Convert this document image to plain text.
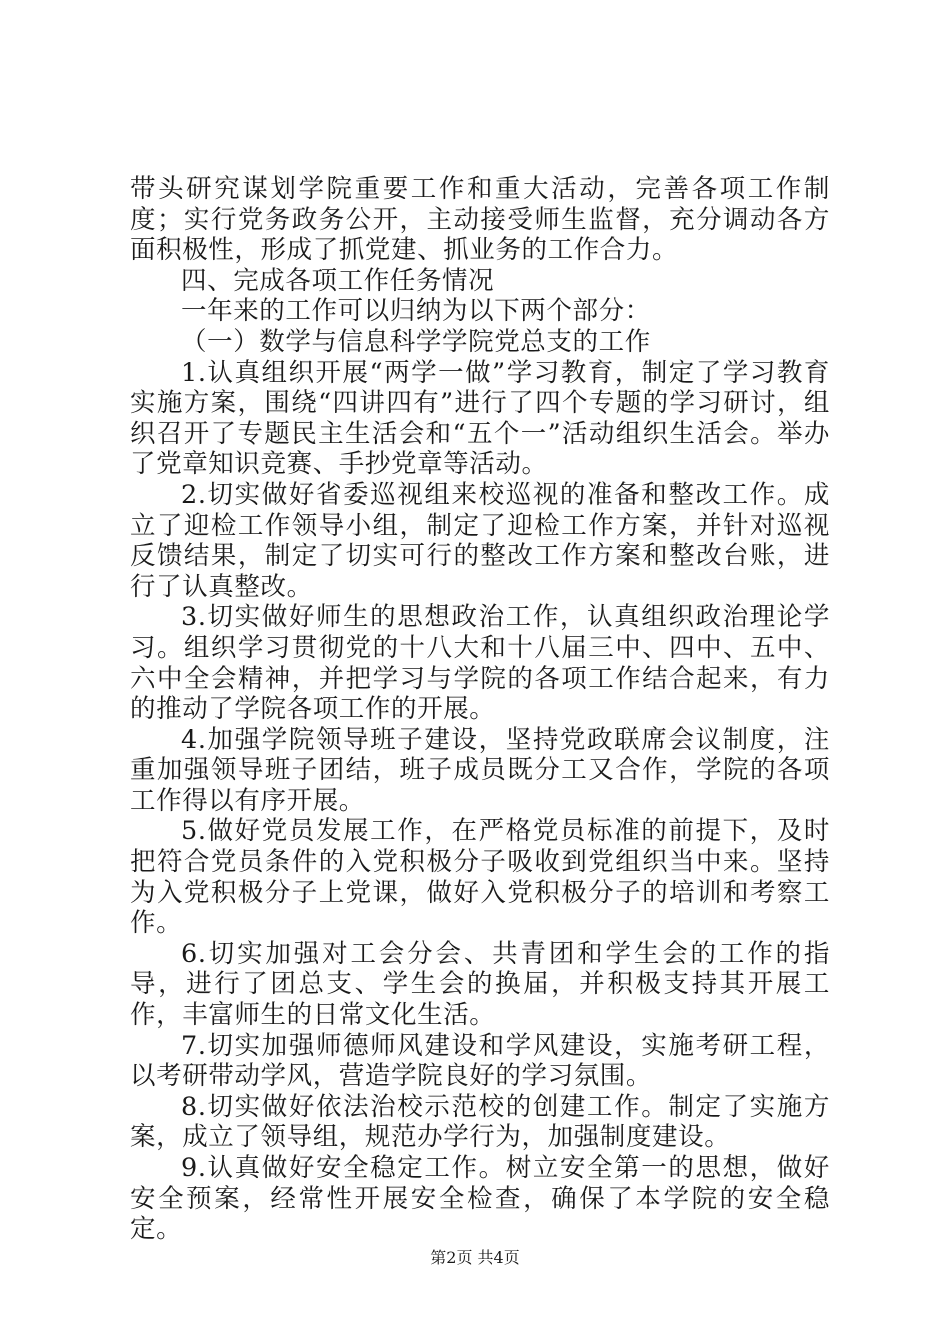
带头研究谋划学院重要工作和重大活动，完善各项工作制度；实行党务政务公开，主动接受师生监督，充分调动各方面积极性，形成了抓党建、抓业务的工作合力。

四、完成各项工作任务情况

一年来的工作可以归纳为以下两个部分：

（一）数学与信息科学学院党总支的工作

1.认真组织开展“两学一做”学习教育，制定了学习教育实施方案，围绕“四讲四有”进行了四个专题的学习研讨，组织召开了专题民主生活会和“五个一”活动组织生活会。举办了党章知识竞赛、手抄党章等活动。

2.切实做好省委巡视组来校巡视的准备和整改工作。成立了迎检工作领导小组，制定了迎检工作方案，并针对巡视反馈结果，制定了切实可行的整改工作方案和整改台账，进行了认真整改。

3.切实做好师生的思想政治工作，认真组织政治理论学习。组织学习贯彻党的十八大和十八届三中、四中、五中、六中全会精神，并把学习与学院的各项工作结合起来，有力的推动了学院各项工作的开展。

4.加强学院领导班子建设，坚持党政联席会议制度，注重加强领导班子团结，班子成员既分工又合作，学院的各项工作得以有序开展。

5.做好党员发展工作，在严格党员标准的前提下，及时把符合党员条件的入党积极分子吸收到党组织当中来。坚持为入党积极分子上党课，做好入党积极分子的培训和考察工作。

6.切实加强对工会分会、共青团和学生会的工作的指导，进行了团总支、学生会的换届，并积极支持其开展工作，丰富师生的日常文化生活。

7.切实加强师德师风建设和学风建设，实施考研工程，以考研带动学风，营造学院良好的学习氛围。

8.切实做好依法治校示范校的创建工作。制定了实施方案，成立了领导组，规范办学行为，加强制度建设。

9.认真做好安全稳定工作。树立安全第一的思想，做好安全预案，经常性开展安全检查，确保了本学院的安全稳定。

第2页 共4页
